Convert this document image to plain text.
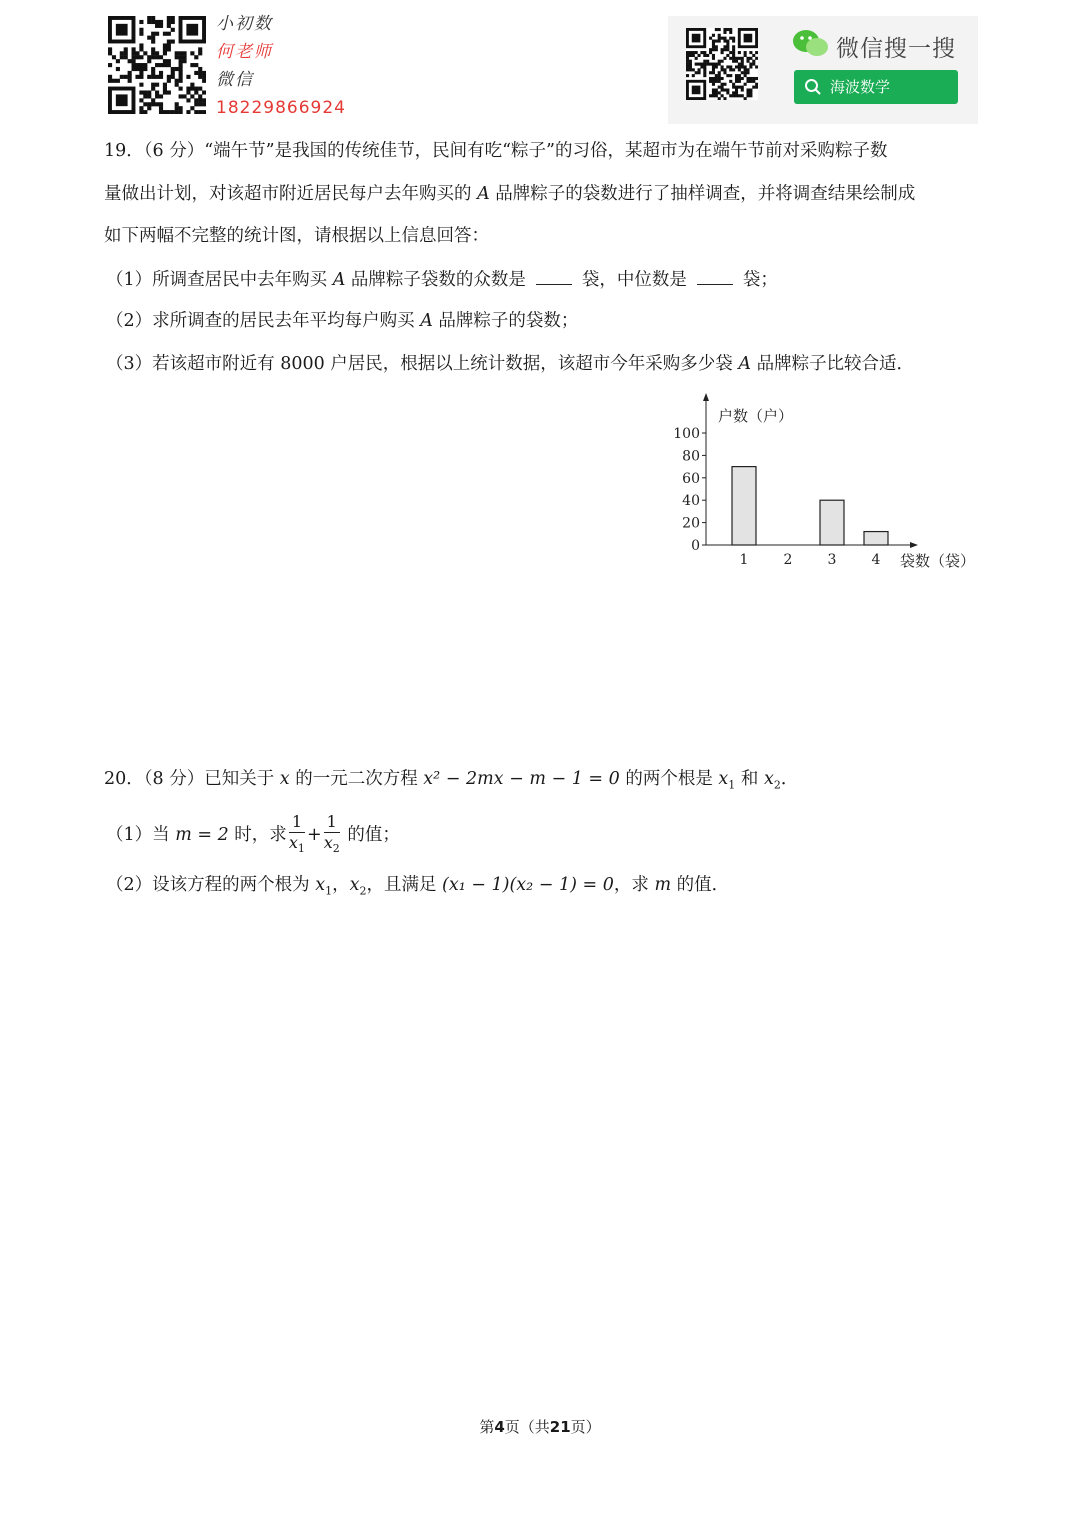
小初数
何老师
微信
18229866924
微信搜一搜
海波数学
19．（6 分）“端午节”是我国的传统佳节，民间有吃“粽子”的习俗，某超市为在端午节前对采购粽子数
量做出计划，对该超市附近居民每户去年购买的 A 品牌粽子的袋数进行了抽样调查，并将调查结果绘制成
如下两幅不完整的统计图，请根据以上信息回答：
（1）所调查居民中去年购买 A 品牌粽子袋数的众数是	袋，中位数是	袋；
（2）求所调查的居民去年平均每户购买 A 品牌粽子的袋数；
（3）若该超市附近有 8000 户居民，根据以上统计数据，该超市今年采购多少袋 A 品牌粽子比较合适．
0
20
40
60
80
100
1	2	3	4
户数（户）
袋数（袋）
20．（8 分）已知关于 x 的一元二次方程 x² − 2mx − m − 1 = 0 的两个根是 $x_1$ 和 $x_2$．
（1）当 m = 2 时，求 $\frac{1}{x_1} + \frac{1}{x_2}$ 的值；
（2）设该方程的两个根为 $x_1$，$x_2$，且满足 (x₁ − 1)(x₂ − 1) = 0，求 m 的值．
第4页（共21页）
